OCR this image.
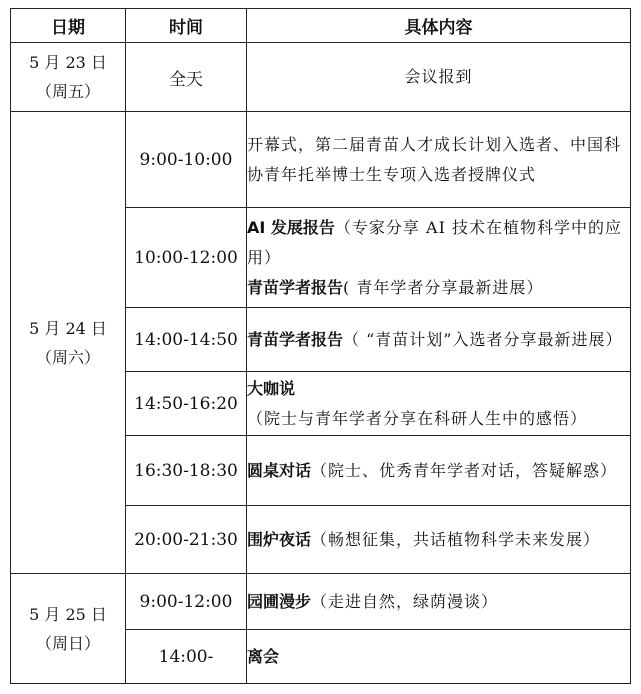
日期	时间	具体内容

5 月 23 日
（周五）	全天	会议报到

5 月 24 日
（周六）	9:00-10:00	开幕式，第二届青苗人才成长计划入选者、中国科协青年托举博士生专项入选者授牌仪式
	10:00-12:00	AI 发展报告（专家分享 AI 技术在植物科学中的应用）
青苗学者报告( 青年学者分享最新进展）
	14:00-14:50	青苗学者报告（ “青苗计划”入选者分享最新进展）
	14:50-16:20	大咖说（院士与青年学者分享在科研人生中的感悟）
	16:30-18:30	圆桌对话（院士、优秀青年学者对话，答疑解惑）
	20:00-21:30	围炉夜话（畅想征集，共话植物科学未来发展）

5 月 25 日
（周日）	9:00-12:00	园圃漫步（走进自然，绿荫漫谈）
	14:00-	离会
